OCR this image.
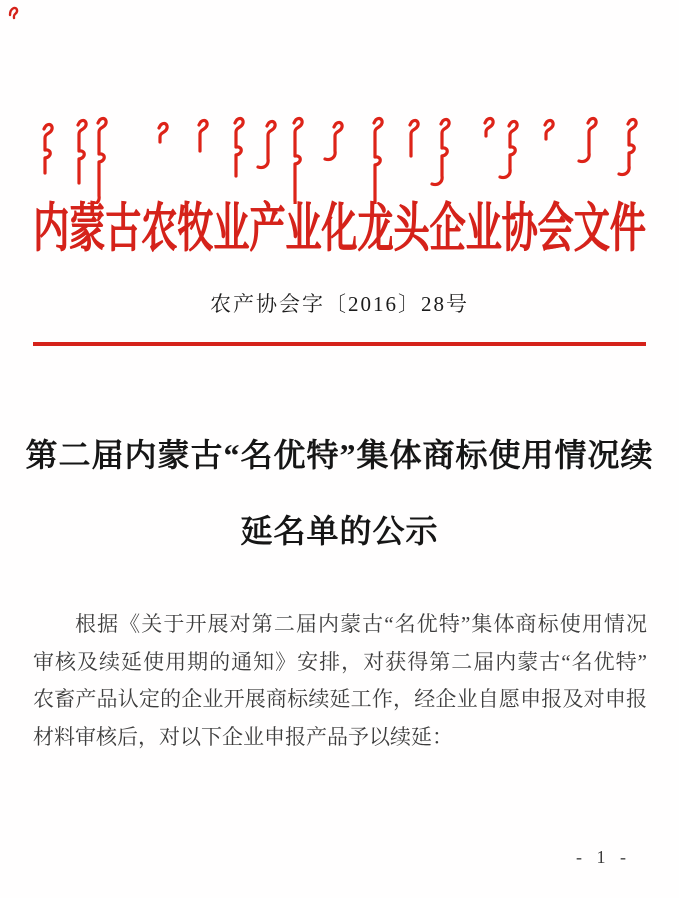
内蒙古农牧业产业化龙头企业协会文件
农产协会字〔2016〕28号
第二届内蒙古“名优特”集体商标使用情况续
延名单的公示
根据《关于开展对第二届内蒙古“名优特”集体商标使用情况
审核及续延使用期的通知》安排，对获得第二届内蒙古“名优特”
农畜产品认定的企业开展商标续延工作，经企业自愿申报及对申报
材料审核后，对以下企业申报产品予以续延：
- 1 -
